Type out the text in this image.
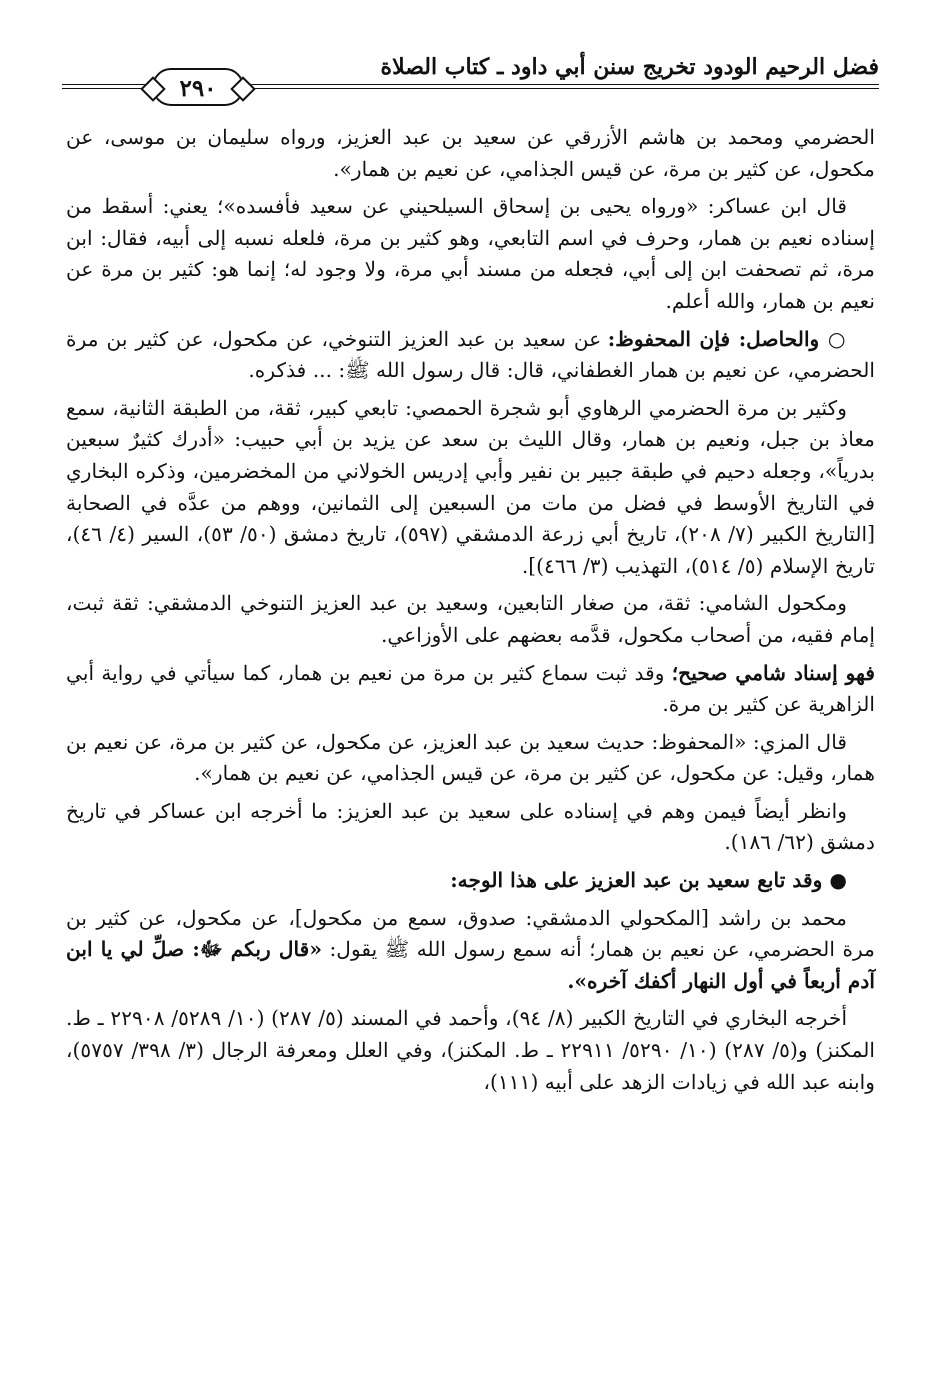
فضل الرحيم الودود تخريج سنن أبي داود ـ كتاب الصلاة
٢٩٠

الحضرمي ومحمد بن هاشم الأزرقي عن سعيد بن عبد العزيز، ورواه سليمان بن موسى، عن مكحول، عن كثير بن مرة، عن قيس الجذامي، عن نعيم بن همار».

قال ابن عساكر: «ورواه يحيى بن إسحاق السيلحيني عن سعيد فأفسده»؛ يعني: أسقط من إسناده نعيم بن همار، وحرف في اسم التابعي، وهو كثير بن مرة، فلعله نسبه إلى أبيه، فقال: ابن مرة، ثم تصحفت ابن إلى أبي، فجعله من مسند أبي مرة، ولا وجود له؛ إنما هو: كثير بن مرة عن نعيم بن همار، والله أعلم.

○ والحاصل: فإن المحفوظ: عن سعيد بن عبد العزيز التنوخي، عن مكحول، عن كثير بن مرة الحضرمي، عن نعيم بن همار الغطفاني، قال: قال رسول الله ﷺ: ... فذكره.

وكثير بن مرة الحضرمي الرهاوي أبو شجرة الحمصي: تابعي كبير، ثقة، من الطبقة الثانية، سمع معاذ بن جبل، ونعيم بن همار، وقال الليث بن سعد عن يزيد بن أبي حبيب: «أدرك كثيرٌ سبعين بدرياً»، وجعله دحيم في طبقة جبير بن نفير وأبي إدريس الخولاني من المخضرمين، وذكره البخاري في التاريخ الأوسط في فضل من مات من السبعين إلى الثمانين، ووهم من عدَّه في الصحابة [التاريخ الكبير (٧/ ٢٠٨)، تاريخ أبي زرعة الدمشقي (٥٩٧)، تاريخ دمشق (٥٠/ ٥٣)، السير (٤/ ٤٦)، تاريخ الإسلام (٥/ ٥١٤)، التهذيب (٣/ ٤٦٦)].

ومكحول الشامي: ثقة، من صغار التابعين، وسعيد بن عبد العزيز التنوخي الدمشقي: ثقة ثبت، إمام فقيه، من أصحاب مكحول، قدَّمه بعضهم على الأوزاعي.

فهو إسناد شامي صحيح؛ وقد ثبت سماع كثير بن مرة من نعيم بن همار، كما سيأتي في رواية أبي الزاهرية عن كثير بن مرة.

قال المزي: «المحفوظ: حديث سعيد بن عبد العزيز، عن مكحول، عن كثير بن مرة، عن نعيم بن همار، وقيل: عن مكحول، عن كثير بن مرة، عن قيس الجذامي، عن نعيم بن همار».

وانظر أيضاً فيمن وهم في إسناده على سعيد بن عبد العزيز: ما أخرجه ابن عساكر في تاريخ دمشق (٦٢/ ١٨٦).

● وقد تابع سعيد بن عبد العزيز على هذا الوجه:

محمد بن راشد [المكحولي الدمشقي: صدوق، سمع من مكحول]، عن مكحول، عن كثير بن مرة الحضرمي، عن نعيم بن همار؛ أنه سمع رسول الله ﷺ يقول: «قال ربكم ﷻ: صلِّ لي يا ابن آدم أربعاً في أول النهار أكفك آخره».

أخرجه البخاري في التاريخ الكبير (٨/ ٩٤)، وأحمد في المسند (٥/ ٢٨٧) (١٠/ ٥٢٨٩/ ٢٢٩٠٨ ـ ط. المكنز) و(٥/ ٢٨٧) (١٠/ ٥٢٩٠/ ٢٢٩١١ ـ ط. المكنز)، وفي العلل ومعرفة الرجال (٣/ ٣٩٨/ ٥٧٥٧)، وابنه عبد الله في زيادات الزهد على أبيه (١١١)،
